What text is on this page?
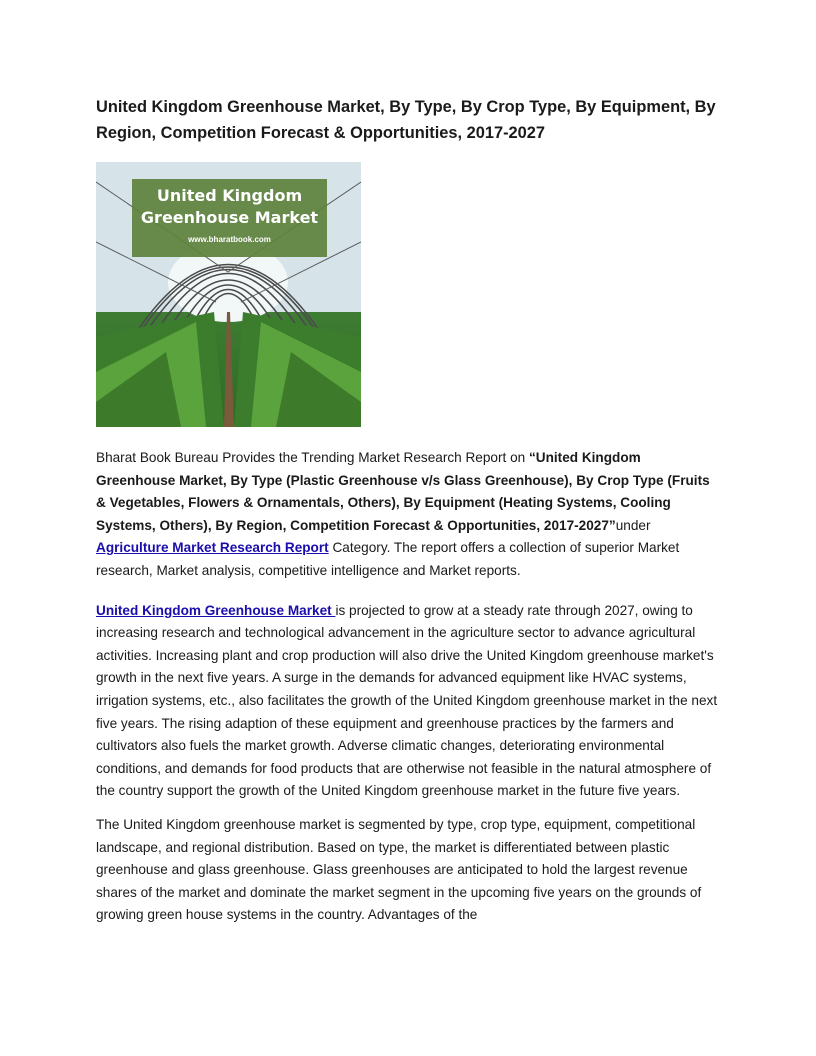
United Kingdom Greenhouse Market, By Type, By Crop Type, By Equipment, By Region, Competition Forecast & Opportunities, 2017-2027
United Kingdom
Greenhouse Market
www.bharatbook.com

Bharat Book Bureau Provides the Trending Market Research Report on “United Kingdom Greenhouse Market, By Type (Plastic Greenhouse v/s Glass Greenhouse), By Crop Type (Fruits & Vegetables, Flowers & Ornamentals, Others), By Equipment (Heating Systems, Cooling Systems, Others), By Region, Competition Forecast & Opportunities, 2017-2027”under
Agriculture Market Research Report Category. The report offers a collection of superior Market research, Market analysis, competitive intelligence and Market reports.

United Kingdom Greenhouse Market is projected to grow at a steady rate through 2027, owing to increasing research and technological advancement in the agriculture sector to advance agricultural activities. Increasing plant and crop production will also drive the United Kingdom greenhouse market's growth in the next five years. A surge in the demands for advanced equipment like HVAC systems, irrigation systems, etc., also facilitates the growth of the United Kingdom greenhouse market in the next five years. The rising adaption of these equipment and greenhouse practices by the farmers and cultivators also fuels the market growth. Adverse climatic changes, deteriorating environmental conditions, and demands for food products that are otherwise not feasible in the natural atmosphere of the country support the growth of the United Kingdom greenhouse market in the future five years.

The United Kingdom greenhouse market is segmented by type, crop type, equipment, competitional landscape, and regional distribution. Based on type, the market is differentiated between plastic greenhouse and glass greenhouse. Glass greenhouses are anticipated to hold the largest revenue shares of the market and dominate the market segment in the upcoming five years on the grounds of growing green house systems in the country. Advantages of the
